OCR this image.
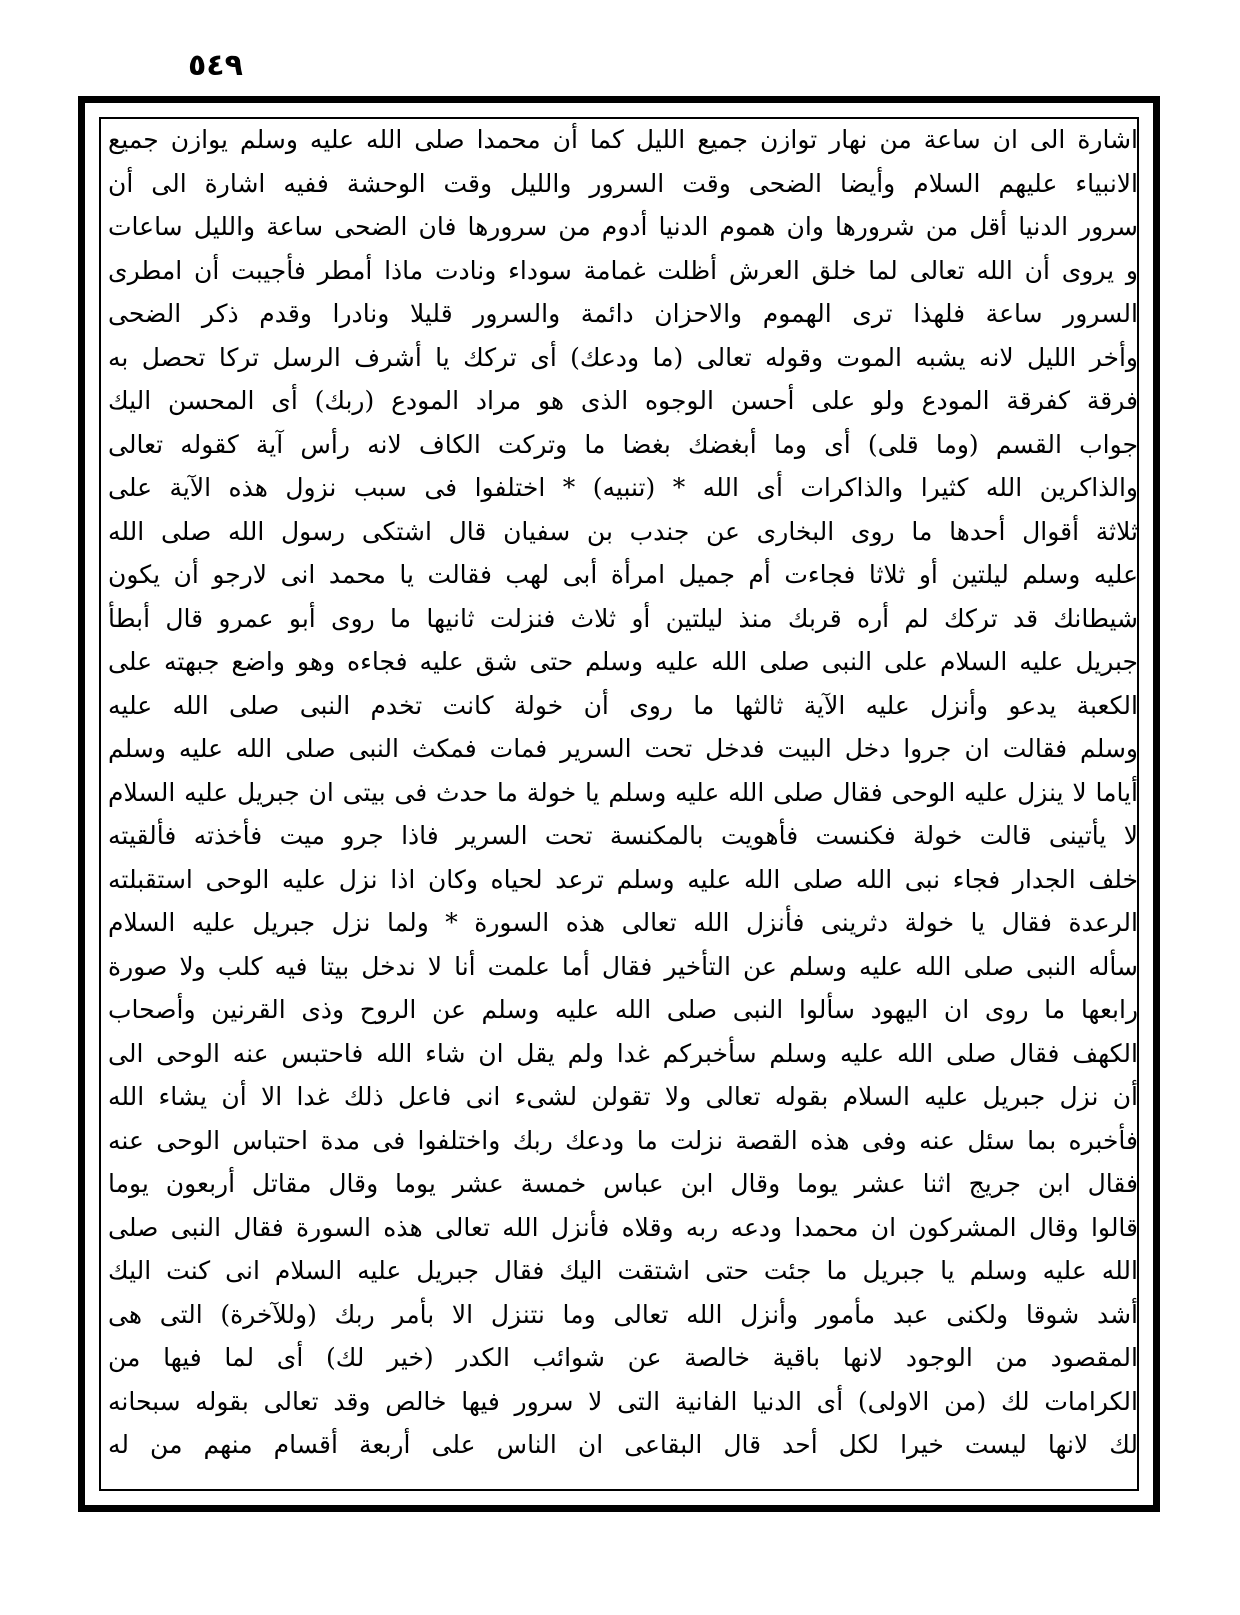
٥٤٩
اشارة الى ان ساعة من نهار توازن جميع الليل كما أن محمدا صلى الله عليه وسلم يوازن جميع
الانبياء عليهم السلام وأيضا الضحى وقت السرور والليل وقت الوحشة ففيه اشارة الى أن
سرور الدنيا أقل من شرورها وان هموم الدنيا أدوم من سرورها فان الضحى ساعة والليل ساعات
و يروى أن الله تعالى لما خلق العرش أظلت غمامة سوداء ونادت ماذا أمطر فأجيبت أن امطرى
السرور ساعة فلهذا ترى الهموم والاحزان دائمة والسرور قليلا ونادرا وقدم ذكر الضحى
وأخر الليل لانه يشبه الموت وقوله تعالى (ما ودعك) أى تركك يا أشرف الرسل تركا تحصل به
فرقة كفرقة المودع ولو على أحسن الوجوه الذى هو مراد المودع (ربك) أى المحسن اليك
جواب القسم (وما قلى) أى وما أبغضك بغضا ما وتركت الكاف لانه رأس آية كقوله تعالى
والذاكرين الله كثيرا والذاكرات أى الله * (تنبيه) * اختلفوا فى سبب نزول هذه الآية على
ثلاثة أقوال أحدها ما روى البخارى عن جندب بن سفيان قال اشتكى رسول الله صلى الله
عليه وسلم ليلتين أو ثلاثا فجاءت أم جميل امرأة أبى لهب فقالت يا محمد انى لارجو أن يكون
شيطانك قد تركك لم أره قربك منذ ليلتين أو ثلاث فنزلت ثانيها ما روى أبو عمرو قال أبطأ
جبريل عليه السلام على النبى صلى الله عليه وسلم حتى شق عليه فجاءه وهو واضع جبهته على
الكعبة يدعو وأنزل عليه الآية ثالثها ما روى أن خولة كانت تخدم النبى صلى الله عليه
وسلم فقالت ان جروا دخل البيت فدخل تحت السرير فمات فمكث النبى صلى الله عليه وسلم
أياما لا ينزل عليه الوحى فقال صلى الله عليه وسلم يا خولة ما حدث فى بيتى ان جبريل عليه السلام
لا يأتينى قالت خولة فكنست فأهويت بالمكنسة تحت السرير فاذا جرو ميت فأخذته فألقيته
خلف الجدار فجاء نبى الله صلى الله عليه وسلم ترعد لحياه وكان اذا نزل عليه الوحى استقبلته
الرعدة فقال يا خولة دثرينى فأنزل الله تعالى هذه السورة * ولما نزل جبريل عليه السلام
سأله النبى صلى الله عليه وسلم عن التأخير فقال أما علمت أنا لا ندخل بيتا فيه كلب ولا صورة
رابعها ما روى ان اليهود سألوا النبى صلى الله عليه وسلم عن الروح وذى القرنين وأصحاب
الكهف فقال صلى الله عليه وسلم سأخبركم غدا ولم يقل ان شاء الله فاحتبس عنه الوحى الى
أن نزل جبريل عليه السلام بقوله تعالى ولا تقولن لشىء انى فاعل ذلك غدا الا أن يشاء الله
فأخبره بما سئل عنه وفى هذه القصة نزلت ما ودعك ربك واختلفوا فى مدة احتباس الوحى عنه
فقال ابن جريج اثنا عشر يوما وقال ابن عباس خمسة عشر يوما وقال مقاتل أربعون يوما
قالوا وقال المشركون ان محمدا ودعه ربه وقلاه فأنزل الله تعالى هذه السورة فقال النبى صلى
الله عليه وسلم يا جبريل ما جئت حتى اشتقت اليك فقال جبريل عليه السلام انى كنت اليك
أشد شوقا ولكنى عبد مأمور وأنزل الله تعالى وما نتنزل الا بأمر ربك (وللآخرة) التى هى
المقصود من الوجود لانها باقية خالصة عن شوائب الكدر (خير لك) أى لما فيها من
الكرامات لك (من الاولى) أى الدنيا الفانية التى لا سرور فيها خالص وقد تعالى بقوله سبحانه
لك لانها ليست خيرا لكل أحد قال البقاعى ان الناس على أربعة أقسام منهم من له
